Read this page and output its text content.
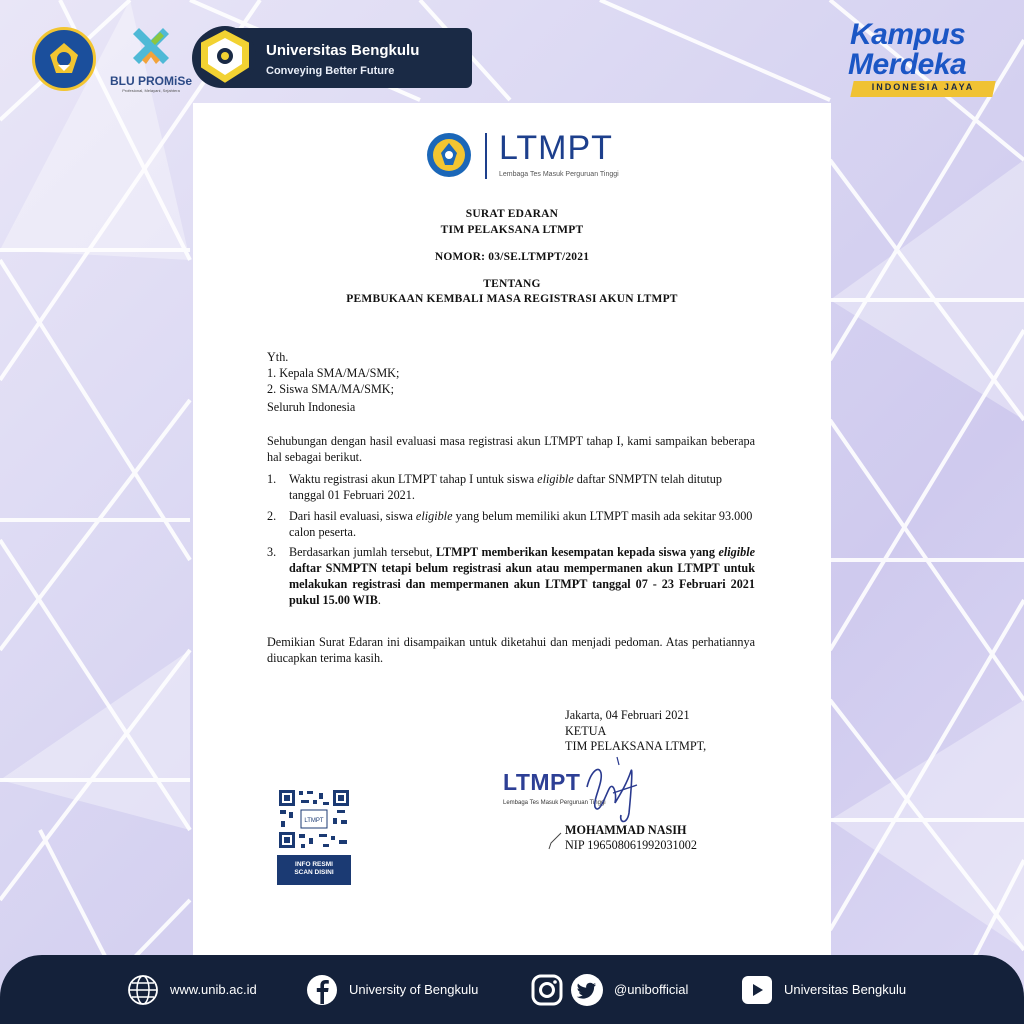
BLU PROMiSe
Profesional, Melayani, Sejahtera
Universitas Bengkulu
Conveying Better Future
Kampus
Merdeka
INDONESIA JAYA
LTMPT
Lembaga Tes Masuk Perguruan Tinggi
SURAT EDARAN
TIM PELAKSANA LTMPT
NOMOR: 03/SE.LTMPT/2021
TENTANG
PEMBUKAAN KEMBALI MASA REGISTRASI AKUN LTMPT
Yth.
1. Kepala SMA/MA/SMK;
2. Siswa SMA/MA/SMK;
Seluruh Indonesia
Sehubungan dengan hasil evaluasi masa registrasi akun LTMPT tahap I, kami sampaikan beberapa hal sebagai berikut.
1. Waktu registrasi akun LTMPT tahap I untuk siswa eligible daftar SNMPTN telah ditutup tanggal 01 Februari 2021.
2. Dari hasil evaluasi, siswa eligible yang belum memiliki akun LTMPT masih ada sekitar 93.000 calon peserta.
3. Berdasarkan jumlah tersebut, LTMPT memberikan kesempatan kepada siswa yang eligible daftar SNMPTN tetapi belum registrasi akun atau mempermanen akun LTMPT untuk melakukan registrasi dan mempermanen akun LTMPT tanggal 07 - 23 Februari 2021 pukul 15.00 WIB.
Demikian Surat Edaran ini disampaikan untuk diketahui dan menjadi pedoman. Atas perhatiannya diucapkan terima kasih.
Jakarta, 04 Februari 2021
KETUA
TIM PELAKSANA LTMPT,
LTMPT
Lembaga Tes Masuk Perguruan Tinggi
MOHAMMAD NASIH
NIP 196508061992031002
LTMPT
INFO RESMI
SCAN DISINI
www.unib.ac.id	University of Bengkulu	@unibofficial	Universitas Bengkulu
